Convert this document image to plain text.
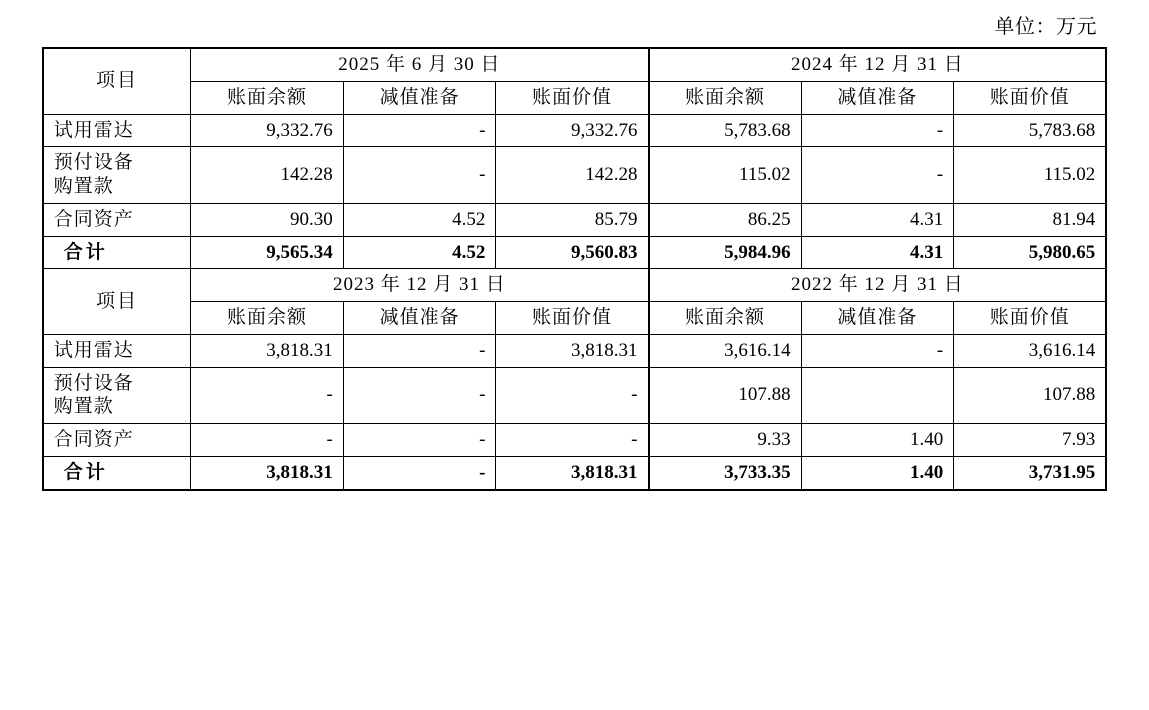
单位：万元
项目	2025 年 6 月 30 日			2024 年 12 月 31 日		
	账面余额	减值准备	账面价值	账面余额	减值准备	账面价值
试用雷达	9,332.76	-	9,332.76	5,783.68	-	5,783.68

预付设备
购置款	142.28	-	142.28	115.02	-	115.02
合同资产	90.30	4.52	85.79	86.25	4.31	81.94
合计	9,565.34	4.52	9,560.83	5,984.96	4.31	5,980.65
项目	2023 年 12 月 31 日			2022 年 12 月 31 日		
	账面余额	减值准备	账面价值	账面余额	减值准备	账面价值
试用雷达	3,818.31	-	3,818.31	3,616.14	-	3,616.14

预付设备
购置款	-	-	-	107.88		107.88
合同资产	-	-	-	9.33	1.40	7.93
合计	3,818.31	-	3,818.31	3,733.35	1.40	3,731.95
